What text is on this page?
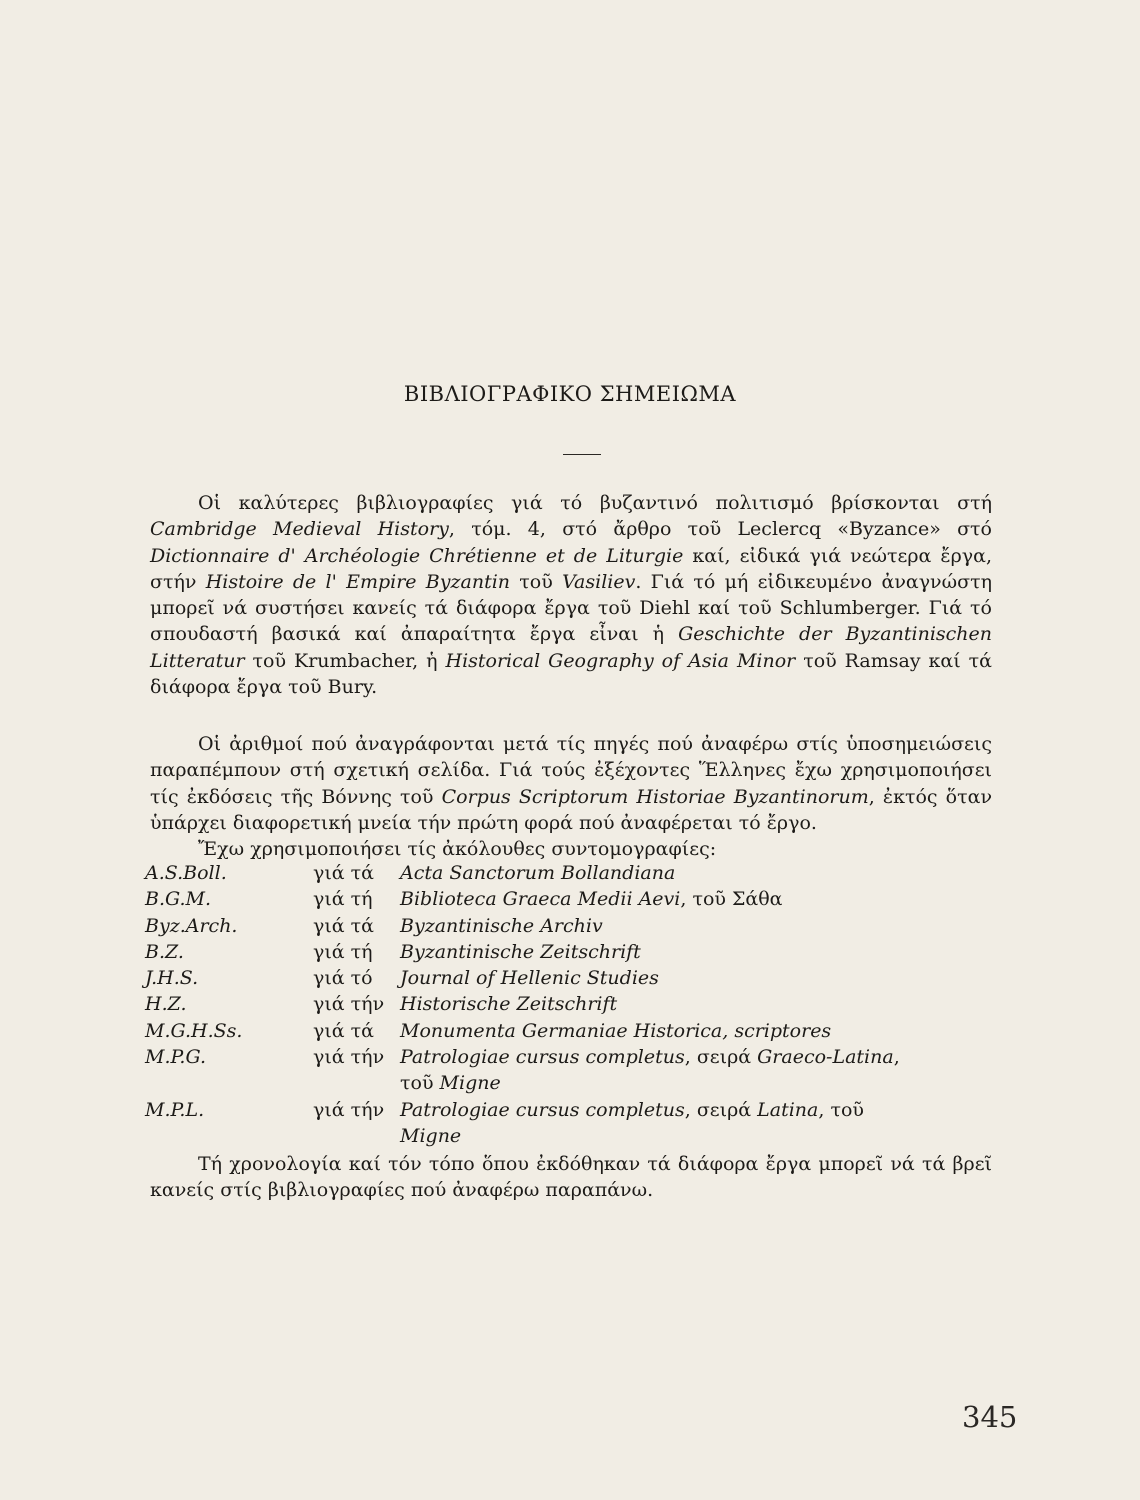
ΒΙΒΛΙΟΓΡΑΦΙΚΟ ΣΗΜΕΙΩΜΑ

Οἱ καλύτερες βιβλιογραφίες γιά τό βυζαντινό πολιτισμό βρίσκονται στή Cambridge Medieval History, τόμ. 4, στό ἄρθρο τοῦ Leclercq «Byzance» στό Dictionnaire d' Archéologie Chrétienne et de Liturgie καί, εἰδικά γιά νεώτερα ἔργα, στήν Histoire de l' Empire Byzantin τοῦ Vasiliev. Γιά τό μή εἰδικευμένο ἀναγνώστη μπορεῖ νά συστήσει κανείς τά διάφορα ἔργα τοῦ Diehl καί τοῦ Schlumberger. Γιά τό σπουδαστή βασικά καί ἀπαραίτητα ἔργα εἶναι ἡ Geschichte der Byzantinischen Litteratur τοῦ Krumbacher, ἡ Historical Geography of Asia Minor τοῦ Ramsay καί τά διάφορα ἔργα τοῦ Bury.

Οἱ ἀριθμοί πού ἀναγράφονται μετά τίς πηγές πού ἀναφέρω στίς ὑποσημειώσεις παραπέμπουν στή σχετική σελίδα. Γιά τούς ἐξέχοντες Ἕλληνες ἔχω χρησιμοποιήσει τίς ἐκδόσεις τῆς Βόννης τοῦ Corpus Scriptorum Historiae Byzantinorum, ἐκτός ὅταν ὑπάρχει διαφορετική μνεία τήν πρώτη φορά πού ἀναφέρεται τό ἔργο.

Ἔχω χρησιμοποιήσει τίς ἀκόλουθες συντομογραφίες:

A.S.Boll.	γιά τά	Acta Sanctorum Bollandiana
B.G.M.	γιά τή	Biblioteca Graeca Medii Aevi, τοῦ Σάθα
Byz.Arch.	γιά τά	Byzantinische Archiv
B.Z.	γιά τή	Byzantinische Zeitschrift
J.H.S.	γιά τό	Journal of Hellenic Studies
H.Z.	γιά τήν	Historische Zeitschrift
M.G.H.Ss.	γιά τά	Monumenta Germaniae Historica, scriptores
M.P.G.	γιά τήν	Patrologiae cursus completus, σειρά Graeco-Latina, τοῦ Migne
M.P.L.	γιά τήν	Patrologiae cursus completus, σειρά Latina, τοῦ Migne

Τή χρονολογία καί τόν τόπο ὅπου ἐκδόθηκαν τά διάφορα ἔργα μπορεῖ νά τά βρεῖ κανείς στίς βιβλιογραφίες πού ἀναφέρω παραπάνω.

345
